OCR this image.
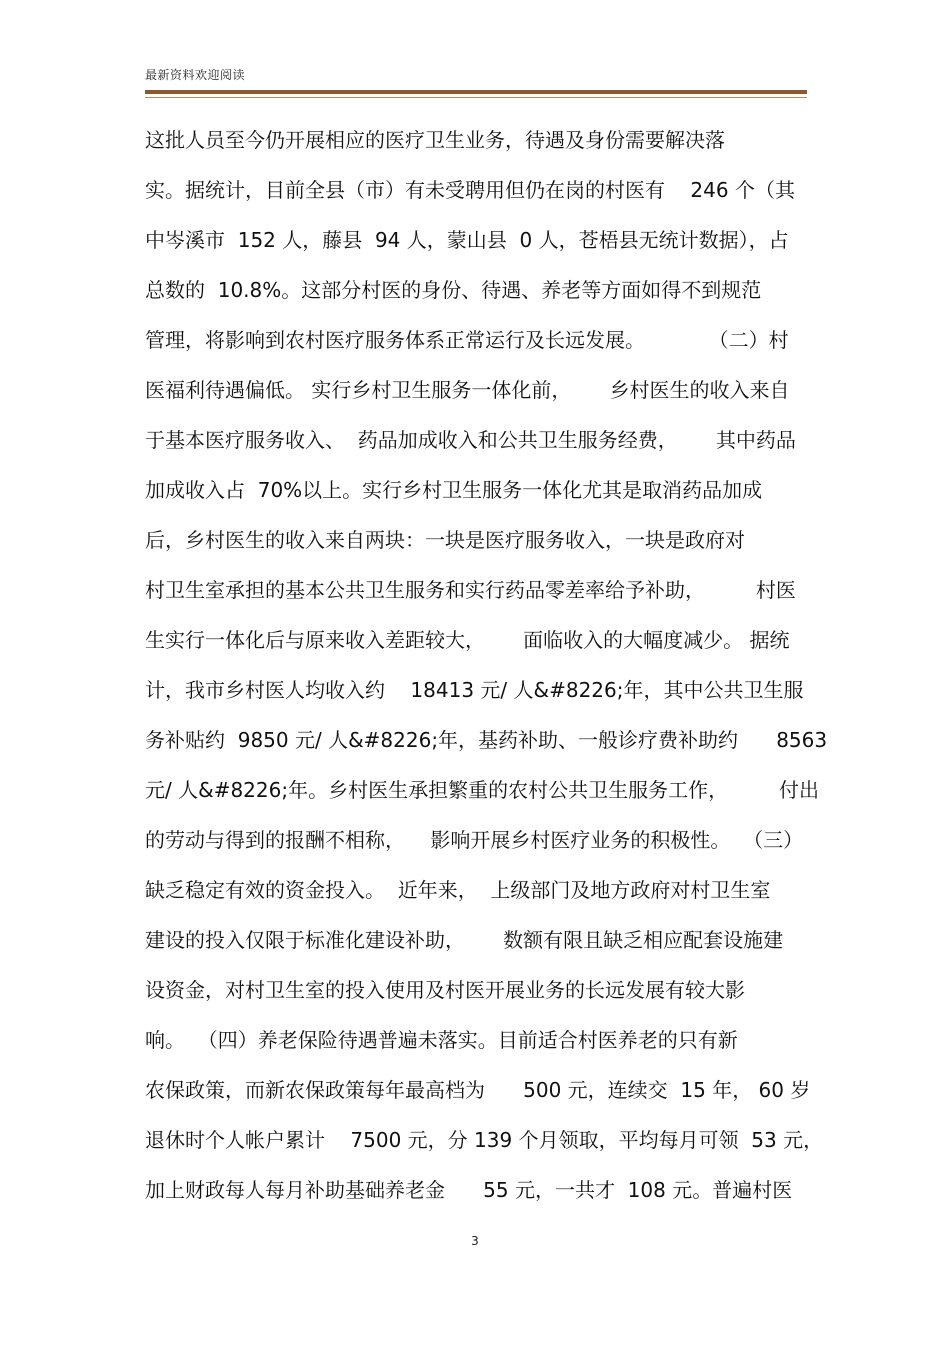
最新资料欢迎阅读
这批人员至今仍开展相应的医疗卫生业务，待遇及身份需要解决落
实。据统计，目前全县（市）有未受聘用但仍在岗的村医有    246 个（其
中岑溪市  152 人，藤县  94 人，蒙山县  0 人，苍梧县无统计数据），占
总数的  10.8%。这部分村医的身份、待遇、养老等方面如得不到规范
管理，将影响到农村医疗服务体系正常运行及长远发展。          （二）村
医福利待遇偏低。 实行乡村卫生服务一体化前，      乡村医生的收入来自
于基本医疗服务收入、  药品加成收入和公共卫生服务经费，      其中药品
加成收入占  70%以上。实行乡村卫生服务一体化尤其是取消药品加成
后，乡村医生的收入来自两块：一块是医疗服务收入，一块是政府对
村卫生室承担的基本公共卫生服务和实行药品零差率给予补助，        村医
生实行一体化后与原来收入差距较大，      面临收入的大幅度减少。 据统
计，我市乡村医人均收入约    18413 元/ 人&#8226;年，其中公共卫生服
务补贴约  9850 元/ 人&#8226;年，基药补助、一般诊疗费补助约      8563
元/ 人&#8226;年。乡村医生承担繁重的农村公共卫生服务工作，        付出
的劳动与得到的报酬不相称，    影响开展乡村医疗业务的积极性。  （三）
缺乏稳定有效的资金投入。  近年来，  上级部门及地方政府对村卫生室
建设的投入仅限于标准化建设补助，      数额有限且缺乏相应配套设施建
设资金，对村卫生室的投入使用及村医开展业务的长远发展有较大影
响。  （四）养老保险待遇普遍未落实。目前适合村医养老的只有新
农保政策，而新农保政策每年最高档为      500 元，连续交  15 年， 60 岁
退休时个人帐户累计    7500 元，分 139 个月领取，平均每月可领  53 元，
加上财政每人每月补助基础养老金      55 元，一共才  108 元。普遍村医
3
